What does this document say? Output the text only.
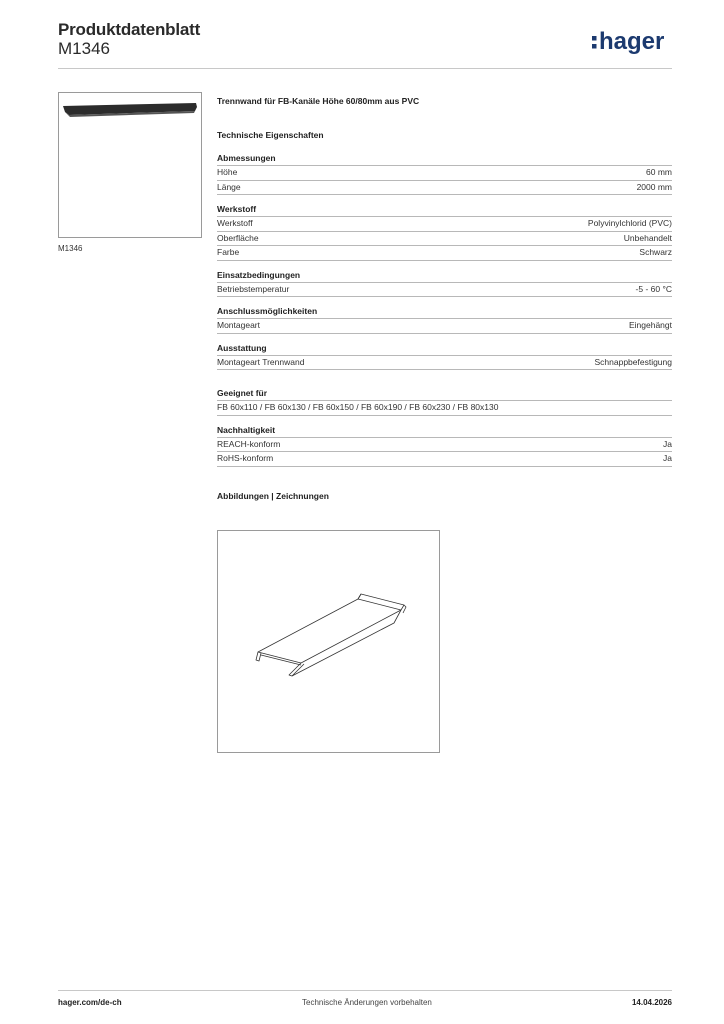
Produktdatenblatt
M1346	hager
M1346
Trennwand für FB-Kanäle Höhe 60/80mm aus PVC
Technische Eigenschaften
Abmessungen
Höhe	60 mm
Länge	2000 mm
Werkstoff
Werkstoff	Polyvinylchlorid (PVC)
Oberfläche	Unbehandelt
Farbe	Schwarz
Einsatzbedingungen
Betriebstemperatur	-5 - 60 °C
Anschlussmöglichkeiten
Montageart	Eingehängt
Ausstattung
Montageart Trennwand	Schnappbefestigung
Geeignet für
FB 60x110 / FB 60x130 / FB 60x150 / FB 60x190 / FB 60x230 / FB 80x130
Nachhaltigkeit
REACH-konform	Ja
RoHS-konform	Ja
Abbildungen | Zeichnungen
hager.com/de-ch	Technische Änderungen vorbehalten	14.04.2026
